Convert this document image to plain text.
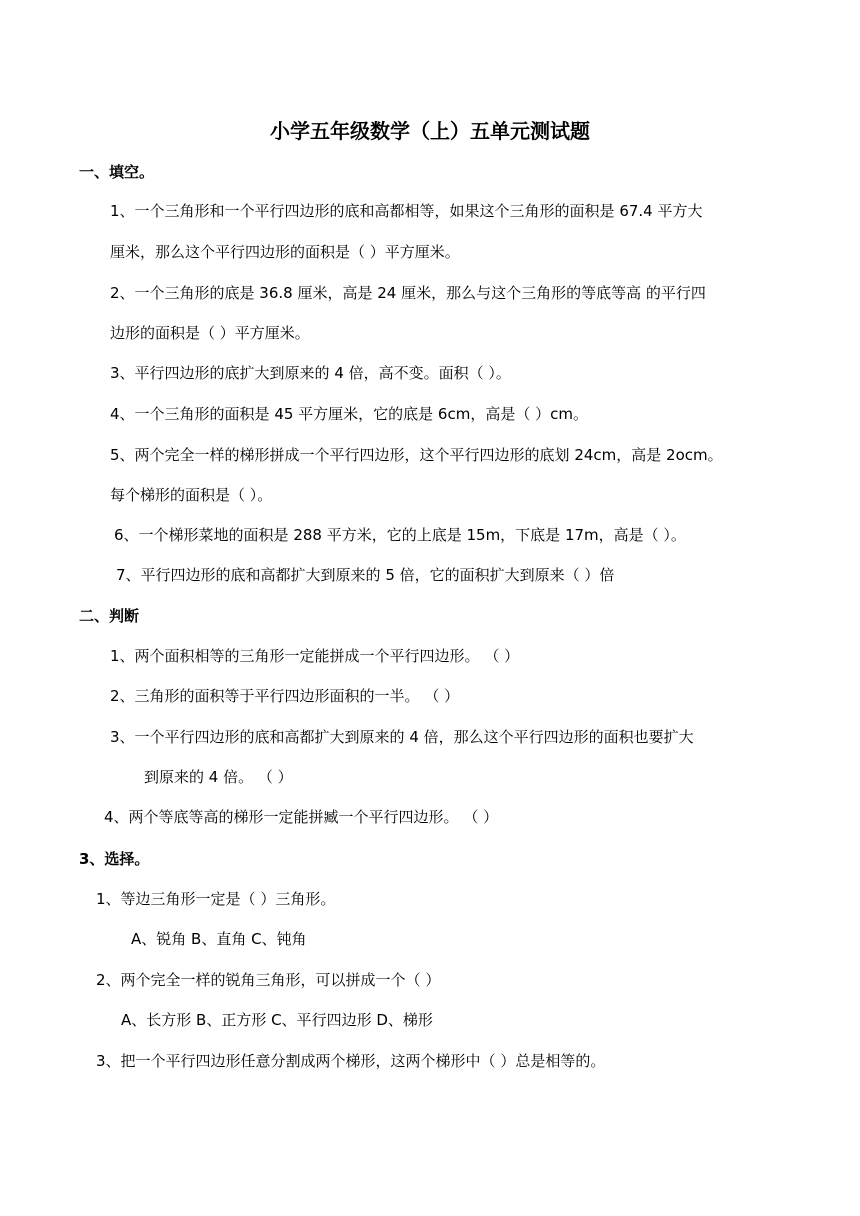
小学五年级数学（上）五单元测试题
一、填空。
1、一个三角形和一个平行四边形的底和高都相等，如果这个三角形的面积是 67.4 平方大
厘米，那么这个平行四边形的面积是（ ）平方厘米。
2、一个三角形的底是 36.8 厘米，高是 24 厘米，那么与这个三角形的等底等高 的平行四
边形的面积是（ ）平方厘米。
3、平行四边形的底扩大到原来的 4 倍，高不变。面积（ ）。
4、一个三角形的面积是 45 平方厘米，它的底是 6cm，高是（ ）cm。
5、两个完全一样的梯形拼成一个平行四边形，这个平行四边形的底划 24cm，高是 2ocm。
每个梯形的面积是（ ）。
6、一个梯形菜地的面积是 288 平方米，它的上底是 15m，下底是 17m，高是（ ）。
7、平行四边形的底和高都扩大到原来的 5 倍，它的面积扩大到原来（ ）倍
二、判断
1、两个面积相等的三角形一定能拼成一个平行四边形。 （ ）
2、三角形的面积等于平行四边形面积的一半。 （ ）
3、一个平行四边形的底和高都扩大到原来的 4 倍，那么这个平行四边形的面积也要扩大
到原来的 4 倍。 （ ）
4、两个等底等高的梯形一定能拼臧一个平行四边形。 （ ）
3、选择。
1、等边三角形一定是（ ）三角形。
A、锐角 B、直角 C、钝角
2、两个完全一样的锐角三角形，可以拼成一个（ ）
A、长方形 B、正方形 C、平行四边形 D、梯形
3、把一个平行四边形任意分割成两个梯形，这两个梯形中（ ）总是相等的。
